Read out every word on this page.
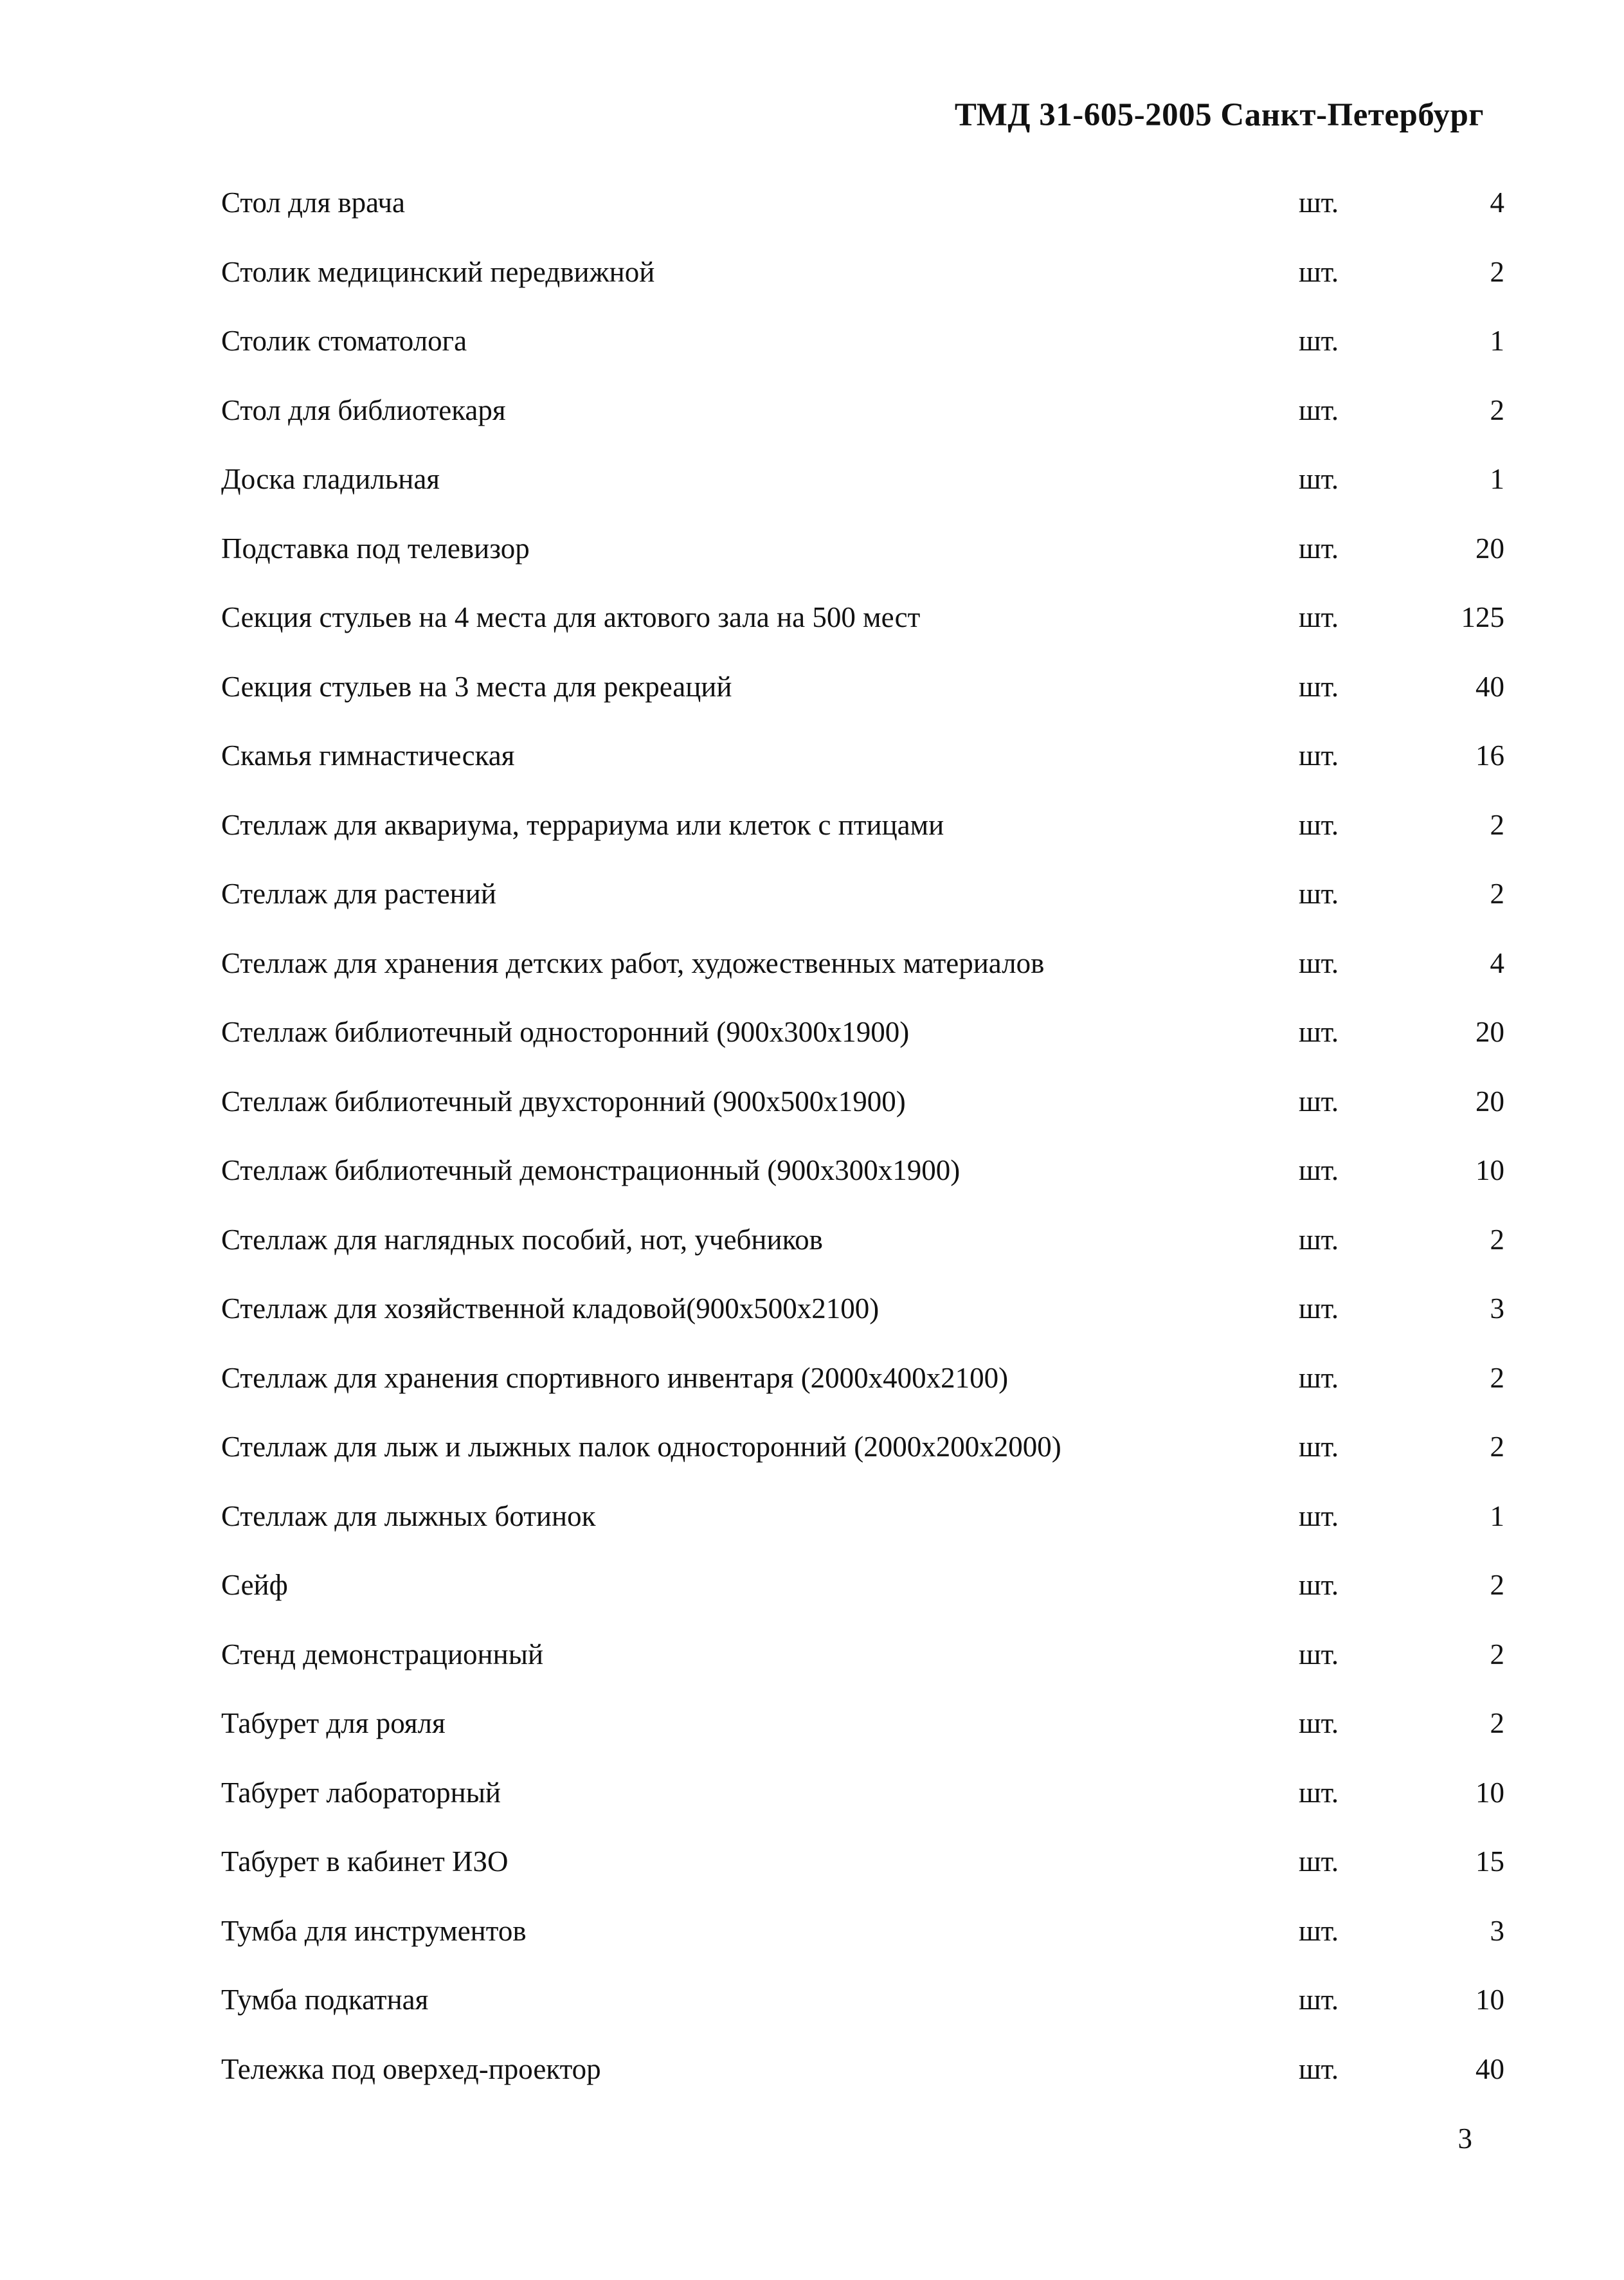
ТМД 31-605-2005 Санкт-Петербург
Стол для врача	шт.	4
Столик медицинский передвижной	шт.	2
Столик стоматолога	шт.	1
Стол для библиотекаря	шт.	2
Доска гладильная	шт.	1
Подставка под телевизор	шт.	20
Секция стульев на 4 места для актового зала на 500 мест	шт.	125
Секция стульев на 3 места для рекреаций	шт.	40
Скамья гимнастическая	шт.	16
Стеллаж для аквариума, террариума или клеток с птицами	шт.	2
Стеллаж для растений	шт.	2
Стеллаж для хранения детских работ, художественных материалов	шт.	4
Стеллаж библиотечный односторонний (900x300x1900)	шт.	20
Стеллаж библиотечный двухсторонний (900x500x1900)	шт.	20
Стеллаж библиотечный демонстрационный (900x300x1900)	шт.	10
Стеллаж для наглядных пособий, нот, учебников	шт.	2
Стеллаж для хозяйственной кладовой(900x500x2100)	шт.	3
Стеллаж для хранения спортивного инвентаря (2000x400x2100)	шт.	2
Стеллаж для лыж и лыжных палок односторонний (2000x200x2000)	шт.	2
Стеллаж для лыжных ботинок	шт.	1
Сейф	шт.	2
Стенд демонстрационный	шт.	2
Табурет для рояля	шт.	2
Табурет лабораторный	шт.	10
Табурет в кабинет ИЗО	шт.	15
Тумба для инструментов	шт.	3
Тумба подкатная	шт.	10
Тележка под оверхед-проектор	шт.	40
3
